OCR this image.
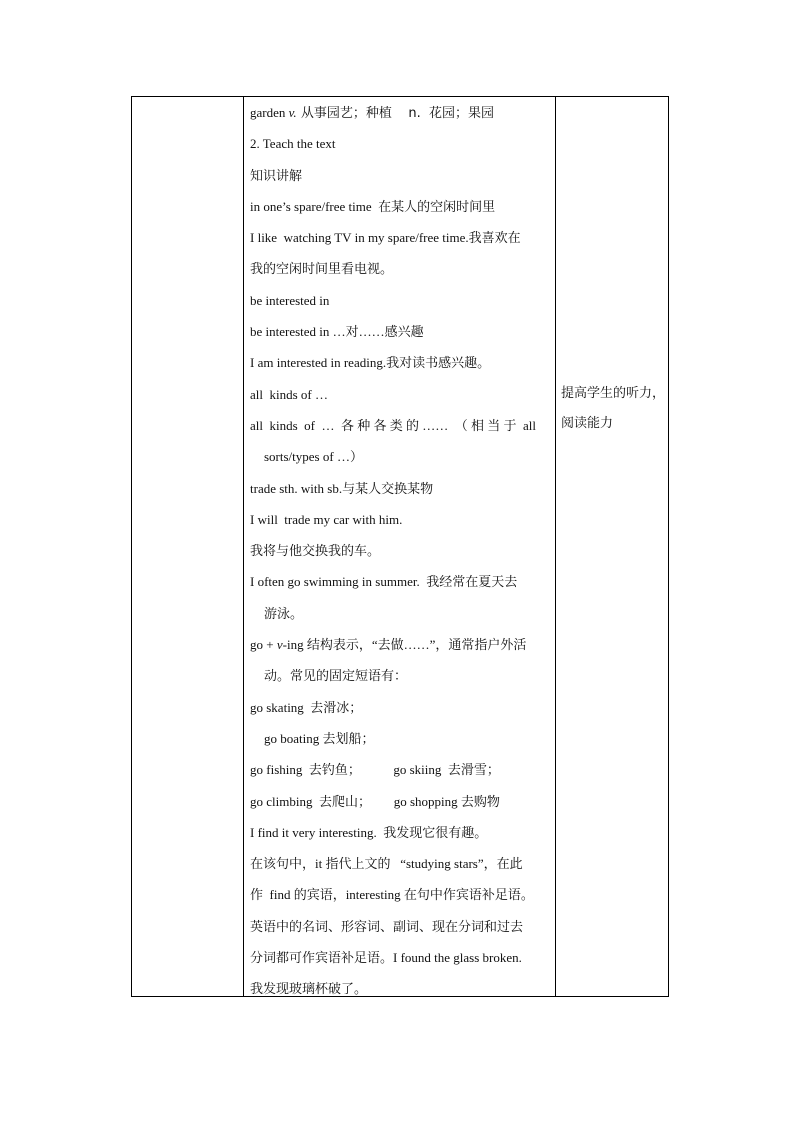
garden v. 从事园艺；种植    n.  花园；果园
2. Teach the text
知识讲解
in one’s spare/free time  在某人的空闲时间里
I like  watching TV in my spare/free time.我喜欢在
我的空闲时间里看电视。
be interested in
be interested in …对……感兴趣
I am interested in reading.我对读书感兴趣。
all  kinds of …
all  kinds  of  …  各 种 各 类 的 ……  （ 相 当 于  all
sorts/types of …）
trade sth. with sb.与某人交换某物
I will  trade my car with him.
我将与他交换我的车。
I often go swimming in summer.  我经常在夏天去
游泳。
go + v-ing 结构表示，“去做……”，通常指户外活
动。常见的固定短语有：
go skating  去滑冰；
go boating 去划船；
go fishing  去钓鱼；          go skiing  去滑雪；
go climbing  去爬山；       go shopping 去购物
I find it very interesting.  我发现它很有趣。
在该句中，it 指代上文的   “studying stars”，在此
作  find 的宾语，interesting 在句中作宾语补足语。
英语中的名词、形容词、副词、现在分词和过去
分词都可作宾语补足语。I found the glass broken.
我发现玻璃杯破了。
提高学生的听力，
阅读能力
